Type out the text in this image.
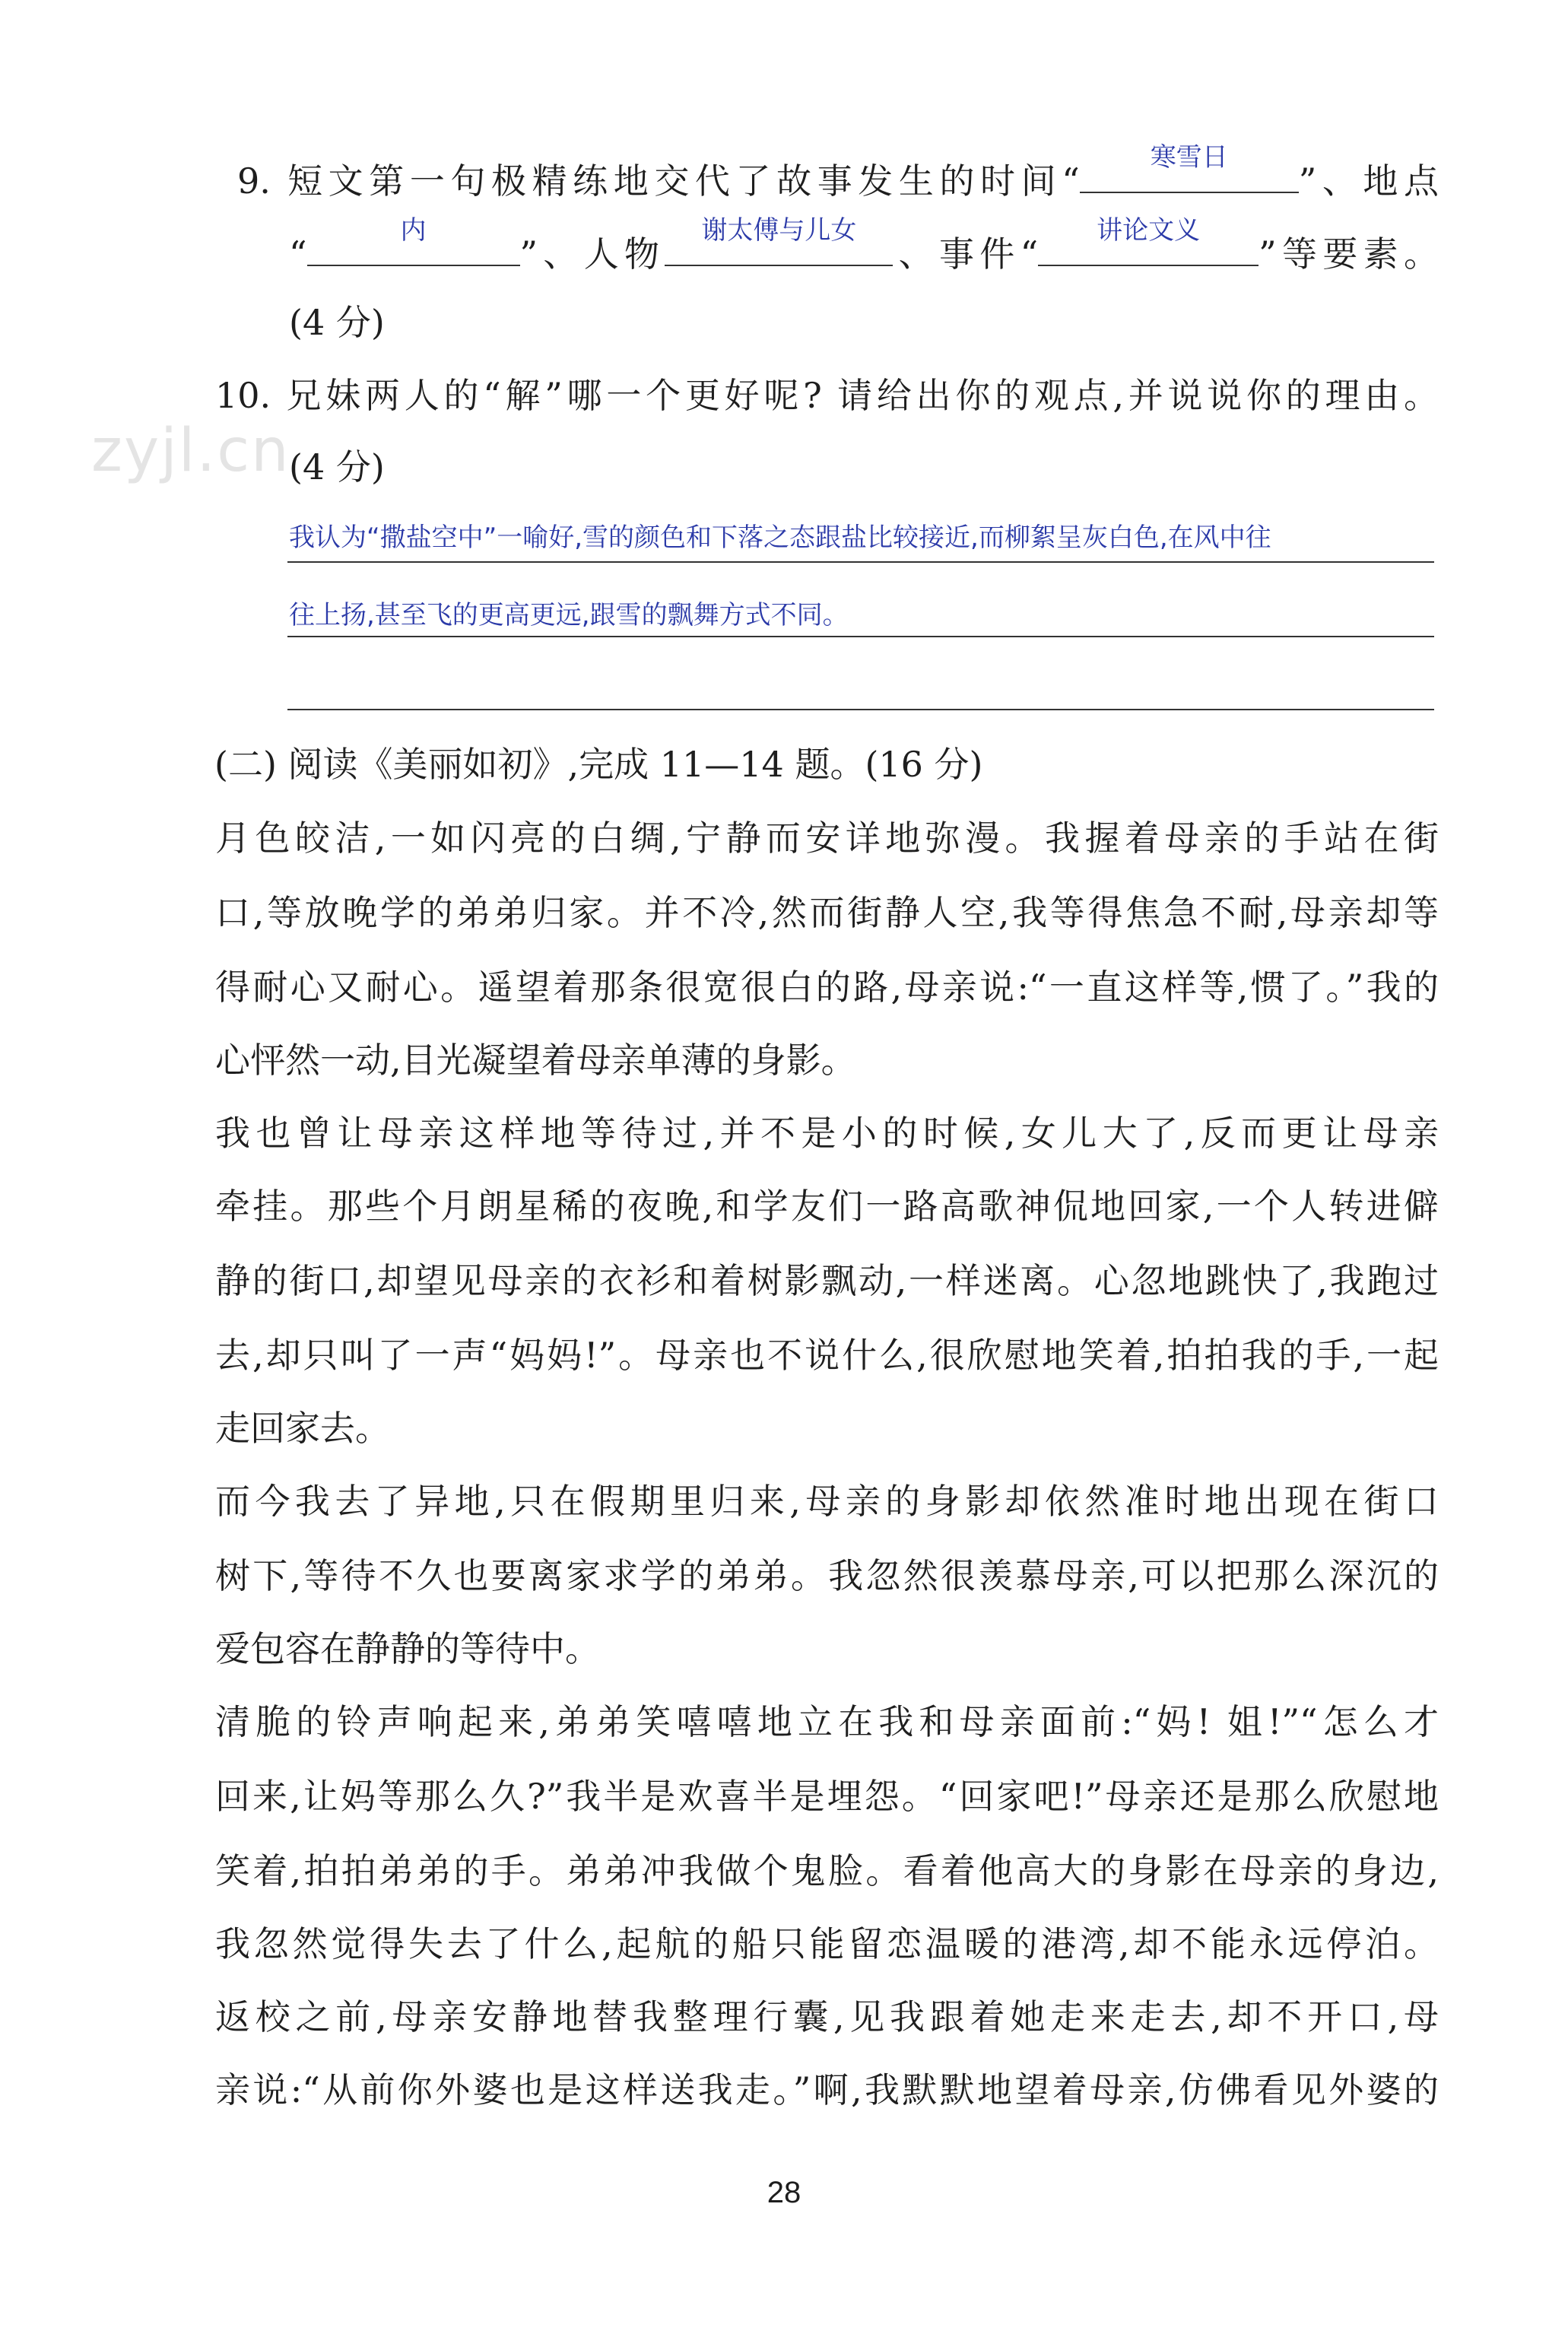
zyjl.cn
9. 短文第一句极精练地交代了故事发生的时间“
寒雪日
”、地点
“
内
”、人物
谢太傅与儿女
、事件“
讲论文义
”等要素。
(4 分)
10. 兄妹两人的“解”哪一个更好呢? 请给出你的观点,并说说你的理由。
(4 分)
我认为“撒盐空中”一喻好,雪的颜色和下落之态跟盐比较接近,而柳絮呈灰白色,在风中往
往上扬,甚至飞的更高更远,跟雪的飘舞方式不同。
(二) 阅读《美丽如初》,完成 11—14 题。(16 分)
月色皎洁,一如闪亮的白绸,宁静而安详地弥漫。我握着母亲的手站在街
口,等放晚学的弟弟归家。并不冷,然而街静人空,我等得焦急不耐,母亲却等
得耐心又耐心。遥望着那条很宽很白的路,母亲说:“一直这样等,惯了。”我的
心怦然一动,目光凝望着母亲单薄的身影。
我也曾让母亲这样地等待过,并不是小的时候,女儿大了,反而更让母亲
牵挂。那些个月朗星稀的夜晚,和学友们一路高歌神侃地回家,一个人转进僻
静的街口,却望见母亲的衣衫和着树影飘动,一样迷离。心忽地跳快了,我跑过
去,却只叫了一声“妈妈!”。母亲也不说什么,很欣慰地笑着,拍拍我的手,一起
走回家去。
而今我去了异地,只在假期里归来,母亲的身影却依然准时地出现在街口
树下,等待不久也要离家求学的弟弟。我忽然很羡慕母亲,可以把那么深沉的
爱包容在静静的等待中。
清脆的铃声响起来,弟弟笑嘻嘻地立在我和母亲面前:“妈! 姐!”“怎么才
回来,让妈等那么久?”我半是欢喜半是埋怨。“回家吧!”母亲还是那么欣慰地
笑着,拍拍弟弟的手。弟弟冲我做个鬼脸。看着他高大的身影在母亲的身边,
我忽然觉得失去了什么,起航的船只能留恋温暖的港湾,却不能永远停泊。
返校之前,母亲安静地替我整理行囊,见我跟着她走来走去,却不开口,母
亲说:“从前你外婆也是这样送我走。”啊,我默默地望着母亲,仿佛看见外婆的
28
